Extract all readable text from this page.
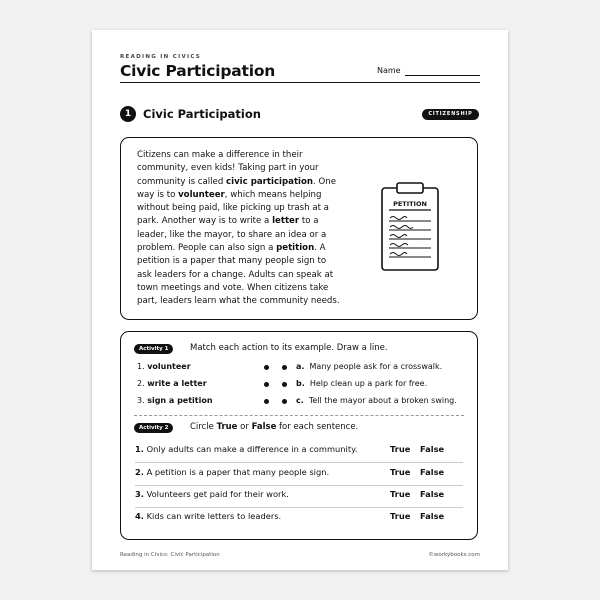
READING IN CIVICS
Civic Participation	Name
1	Civic Participation	CITIZENSHIP
Citizens can make a difference in their community, even kids! Taking part in your community is called civic participation. One way is to volunteer, which means helping without being paid, like picking up trash at a park. Another way is to write a letter to a leader, like the mayor, to share an idea or a problem. People can also sign a petition. A petition is a paper that many people sign to ask leaders for a change. Adults can speak at town meetings and vote. When citizens take part, leaders learn what the community needs.
PETITION
Activity 1	Match each action to its example. Draw a line.
1. volunteer
2. write a letter
3. sign a petition
a. Many people ask for a crosswalk.
b. Help clean up a park for free.
c. Tell the mayor about a broken swing.
Activity 2	Circle True or False for each sentence.
1. Only adults can make a difference in a community.	True False
2. A petition is a paper that many people sign.	True False
3. Volunteers get paid for their work.	True False
4. Kids can write letters to leaders.	True False
Reading in Civics: Civic Participation	©workybooks.com
